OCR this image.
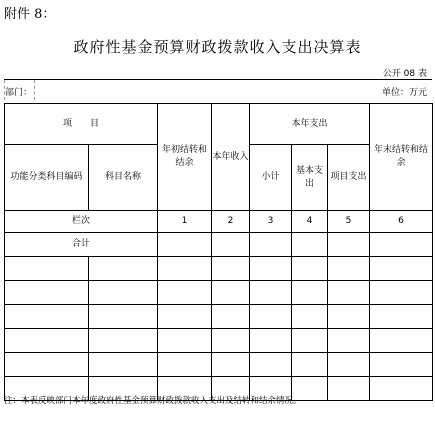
附件 8：
政府性基金预算财政拨款收入支出决算表
公开 08 表
部门：	单位：万元
项　　目		年初结转和结余	本年收入	本年支出			年末结转和结余
功能分类科目编码	科目名称			小计	基本支出	项目支出	
栏次		1	2	3	4	5	6
合计							

注：本表反映部门本年度政府性基金预算财政拨款收入支出及结转和结余情况。
